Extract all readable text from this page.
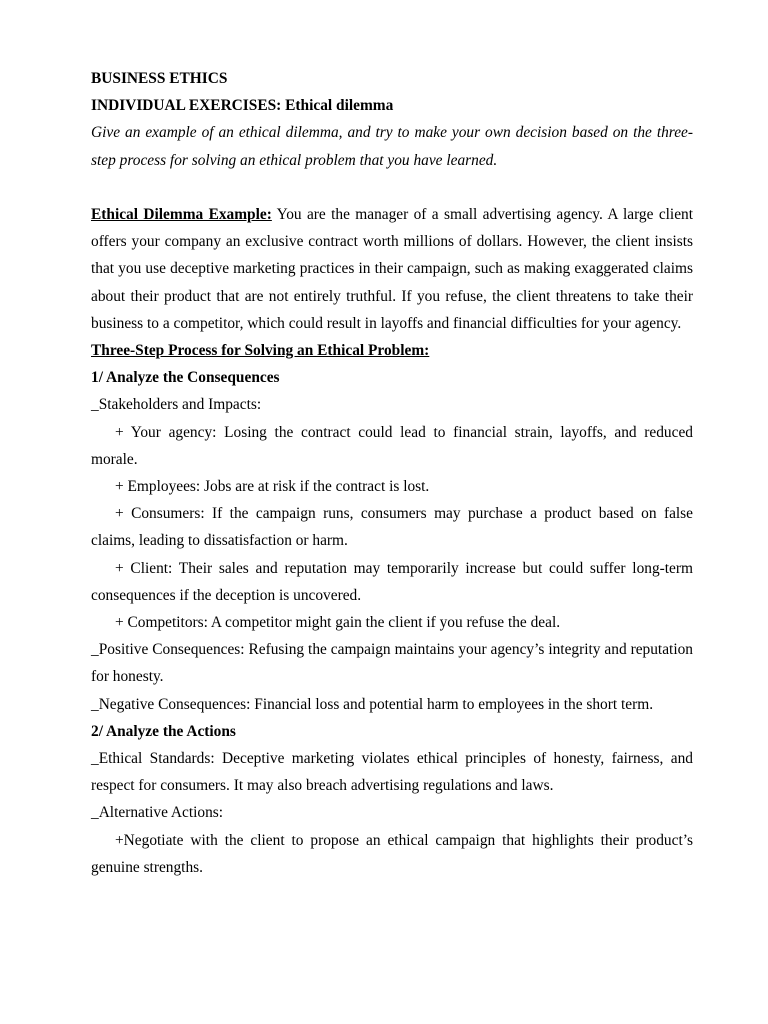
BUSINESS ETHICS

INDIVIDUAL EXERCISES: Ethical dilemma

Give an example of an ethical dilemma, and try to make your own decision based on the three-step process for solving an ethical problem that you have learned.

Ethical Dilemma Example: You are the manager of a small advertising agency. A large client offers your company an exclusive contract worth millions of dollars. However, the client insists that you use deceptive marketing practices in their campaign, such as making exaggerated claims about their product that are not entirely truthful. If you refuse, the client threatens to take their business to a competitor, which could result in layoffs and financial difficulties for your agency.

Three-Step Process for Solving an Ethical Problem:

1/ Analyze the Consequences

_Stakeholders and Impacts:

+ Your agency: Losing the contract could lead to financial strain, layoffs, and reduced morale.

+ Employees: Jobs are at risk if the contract is lost.

+ Consumers: If the campaign runs, consumers may purchase a product based on false claims, leading to dissatisfaction or harm.

+ Client: Their sales and reputation may temporarily increase but could suffer long-term consequences if the deception is uncovered.

+ Competitors: A competitor might gain the client if you refuse the deal.

_Positive Consequences: Refusing the campaign maintains your agency’s integrity and reputation for honesty.

_Negative Consequences: Financial loss and potential harm to employees in the short term.

2/ Analyze the Actions

_Ethical Standards: Deceptive marketing violates ethical principles of honesty, fairness, and respect for consumers. It may also breach advertising regulations and laws.

_Alternative Actions:

+Negotiate with the client to propose an ethical campaign that highlights their product’s genuine strengths.
